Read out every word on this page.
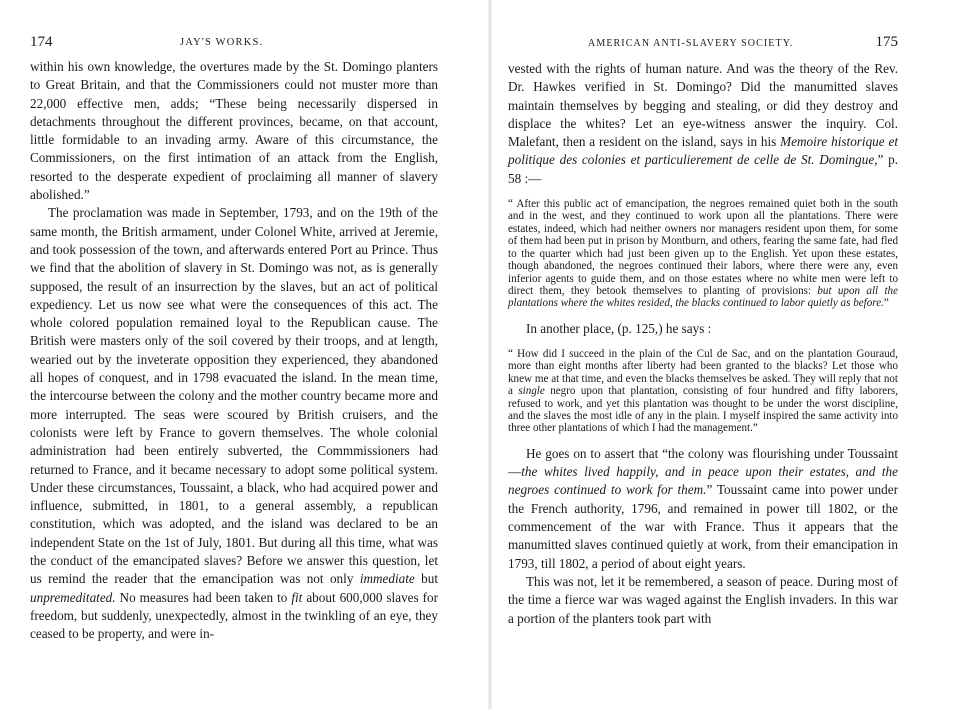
174	JAY'S WORKS.

within his own knowledge, the overtures made by the St. Domingo planters to Great Britain, and that the Commissioners could not muster more than 22,000 effective men, adds; “These being necessarily dispersed in detachments throughout the different provinces, became, on that account, little formidable to an invading army. Aware of this circumstance, the Commissioners, on the first intimation of an attack from the English, resorted to the desperate expedient of proclaiming all manner of slavery abolished.”

The proclamation was made in September, 1793, and on the 19th of the same month, the British armament, under Colonel White, arrived at Jeremie, and took possession of the town, and afterwards entered Port au Prince. Thus we find that the abolition of slavery in St. Domingo was not, as is generally supposed, the result of an insurrection by the slaves, but an act of political expediency. Let us now see what were the consequences of this act. The whole colored population remained loyal to the Republican cause. The British were masters only of the soil covered by their troops, and at length, wearied out by the inveterate opposition they experienced, they abandoned all hopes of conquest, and in 1798 evacuated the island. In the mean time, the intercourse between the colony and the mother country became more and more interrupted. The seas were scoured by British cruisers, and the colonists were left by France to govern themselves. The whole colonial administration had been entirely subverted, the Commmissioners had returned to France, and it became necessary to adopt some political system. Under these circumstances, Toussaint, a black, who had acquired power and influence, submitted, in 1801, to a general assembly, a republican constitution, which was adopted, and the island was declared to be an independent State on the 1st of July, 1801. But during all this time, what was the conduct of the emancipated slaves? Before we answer this question, let us remind the reader that the emancipation was not only immediate but unpremeditated. No measures had been taken to fit about 600,000 slaves for freedom, but suddenly, unexpectedly, almost in the twinkling of an eye, they ceased to be property, and were in-

AMERICAN ANTI-SLAVERY SOCIETY.	175

vested with the rights of human nature. And was the theory of the Rev. Dr. Hawkes verified in St. Domingo? Did the manumitted slaves maintain themselves by begging and stealing, or did they destroy and displace the whites? Let an eye-witness answer the inquiry. Col. Malefant, then a resident on the island, says in his Memoire historique et politique des colonies et particulierement de celle de St. Domingue,” p. 58 :—

“ After this public act of emancipation, the negroes remained quiet both in the south and in the west, and they continued to work upon all the plantations. There were estates, indeed, which had neither owners nor managers resident upon them, for some of them had been put in prison by Montburn, and others, fearing the same fate, had fled to the quarter which had just been given up to the English. Yet upon these estates, though abandoned, the negroes continued their labors, where there were any, even inferior agents to guide them, and on those estates where no white men were left to direct them, they betook themselves to planting of provisions: but upon all the plantations where the whites resided, the blacks continued to labor quietly as before.”

In another place, (p. 125,) he says :

“ How did I succeed in the plain of the Cul de Sac, and on the plantation Gouraud, more than eight months after liberty had been granted to the blacks? Let those who knew me at that time, and even the blacks themselves be asked. They will reply that not a single negro upon that plantation, consisting of four hundred and fifty laborers, refused to work, and yet this plantation was thought to be under the worst discipline, and the slaves the most idle of any in the plain. I myself inspired the same activity into three other plantations of which I had the management.”

He goes on to assert that “the colony was flourishing under Toussaint —the whites lived happily, and in peace upon their estates, and the negroes continued to work for them.” Toussaint came into power under the French authority, 1796, and remained in power till 1802, or the commencement of the war with France. Thus it appears that the manumitted slaves continued quietly at work, from their emancipation in 1793, till 1802, a period of about eight years.

This was not, let it be remembered, a season of peace. During most of the time a fierce war was waged against the English invaders. In this war a portion of the planters took part with
